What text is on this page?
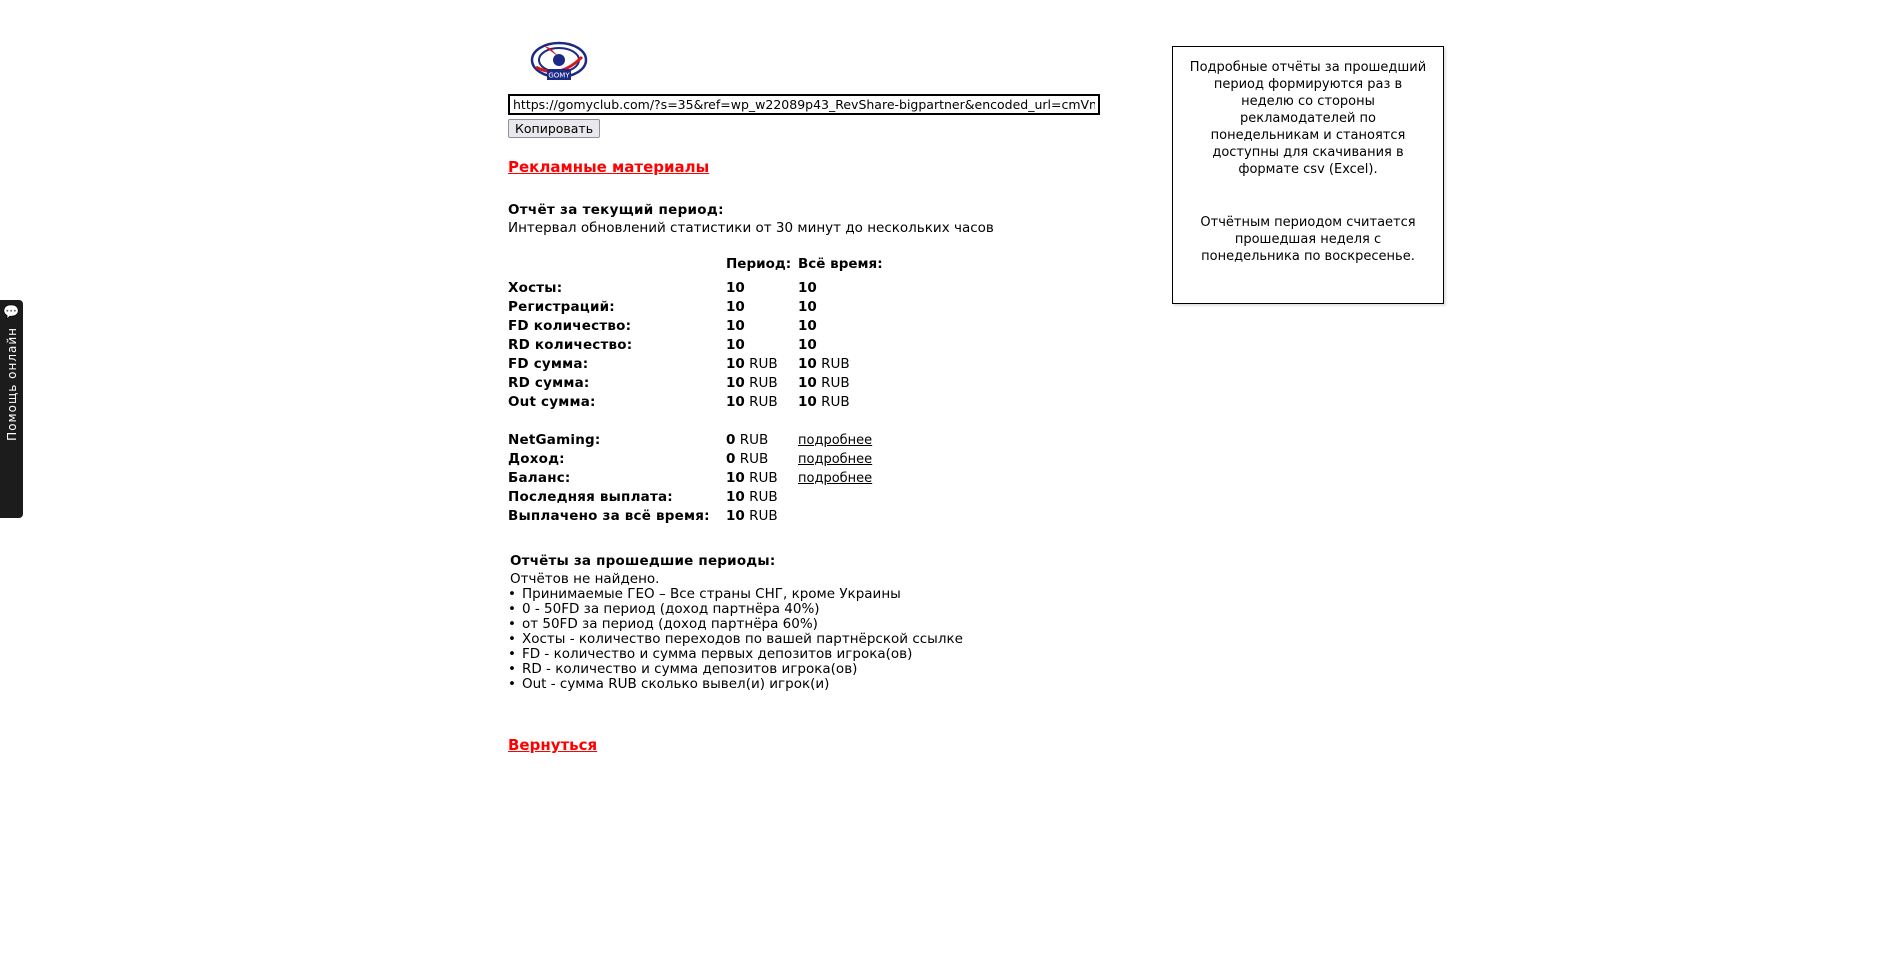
💬
Помощь онлайн
GOMY
https://gomyclub.com/?s=35&ref=wp_w22089p43_RevShare-bigpartner&encoded_url=cmVnaXN
Копировать
Рекламные материалы
Отчёт за текущий период:
Интервал обновлений статистики от 30 минут до нескольких часов
	Период:	Всё время:
Хосты:	10	10
Регистраций:	10	10
FD количество:	10	10
RD количество:	10	10
FD сумма:	10 RUB	10 RUB
RD сумма:	10 RUB	10 RUB
Out сумма:	10 RUB	10 RUB

NetGaming:	0 RUB	подробнее
Доход:	0 RUB	подробнее
Баланс:	10 RUB	подробнее
Последняя выплата:	10 RUB	
Выплачено за всё время:	10 RUB	
Отчёты за прошедшие периоды:
Отчётов не найдено.
• Принимаемые ГЕО – Все страны СНГ, кроме Украины
• 0 - 50FD за период (доход партнёра 40%)
• от 50FD за период (доход партнёра 60%)
• Хосты - количество переходов по вашей партнёрской ссылке
• FD - количество и сумма первых депозитов игрока(ов)
• RD - количество и сумма депозитов игрока(ов)
• Out - сумма RUB сколько вывел(и) игрок(и)
Вернуться

Подробные отчёты за прошедший период формируются раз в неделю со стороны рекламодателей по понедельникам и станоятся доступны для скачивания в формате csv (Excel).

Отчётным периодом считается прошедшая неделя с понедельника по воскресенье.
